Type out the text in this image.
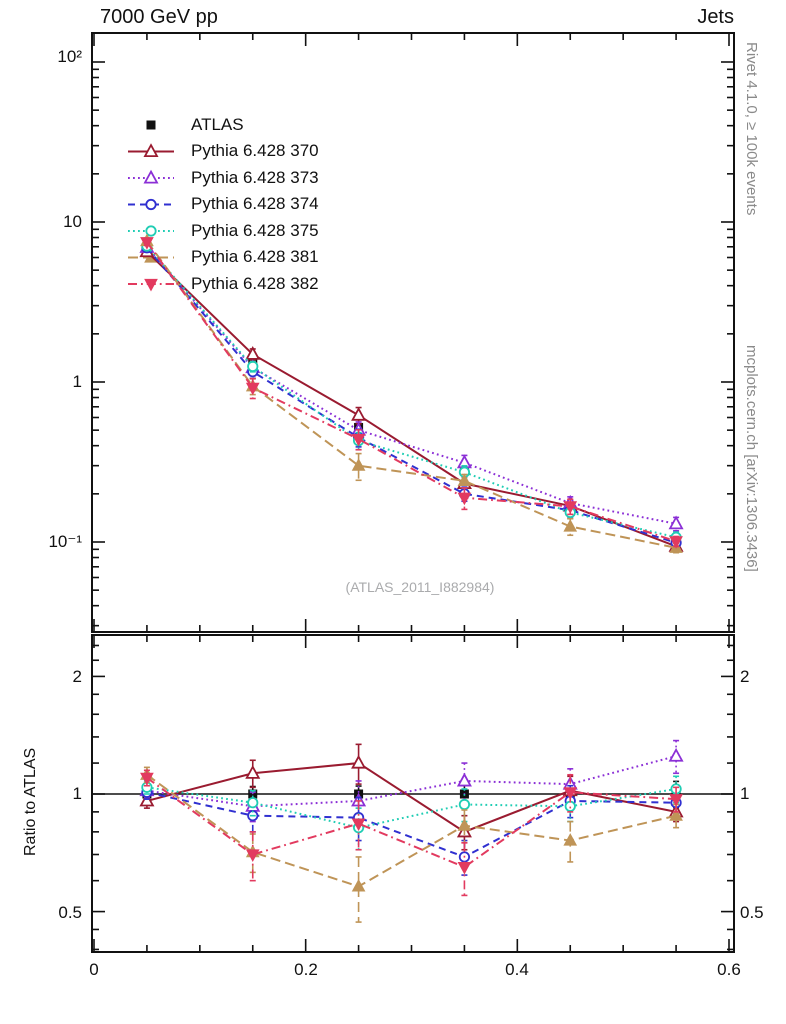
7000 GeV pp	Jets
Rivet 4.1.0, ≥ 100k events
mcplots.cern.ch [arXiv:1306.3436]
(ATLAS_2011_I882984)
Ratio to ATLAS
10²
10
1
10⁻¹
2
1
0.5
2
1
0.5
0	0.2	0.4	0.6
ATLAS
Pythia 6.428 370
Pythia 6.428 373
Pythia 6.428 374
Pythia 6.428 375
Pythia 6.428 381
Pythia 6.428 382
